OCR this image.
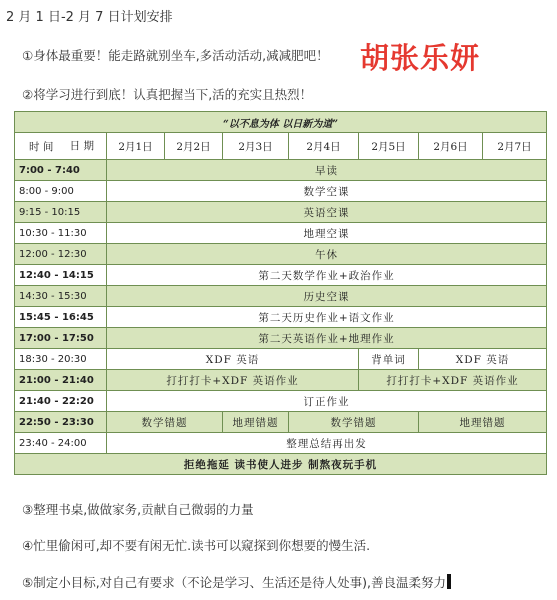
2 月 1 日-2 月 7 日计划安排
①身体最重要！能走路就别坐车,多活动活动,减减肥吧！ 胡张乐妍
②将学习进行到底！认真把握当下,活的充实且热烈！
“以不息为体 以日新为道”							

日 期
时 间	2月1日	2月2日	2月3日	2月4日	2月5日	2月6日	2月7日
7:00 - 7:40	早读						
8:00 - 9:00	数学空课						
9:15 - 10:15	英语空课						
10:30 - 11:30	地理空课						
12:00 - 12:30	午休						
12:40 - 14:15	第二天数学作业+政治作业						
14:30 - 15:30	历史空课						
15:45 - 16:45	第二天历史作业+语文作业						
17:00 - 17:50	第二天英语作业+地理作业						
18:30 - 20:30	XDF 英语				背单词	XDF 英语	
21:00 - 21:40	打打打卡+XDF 英语作业				打打打卡+XDF 英语作业		
21:40 - 22:20	订正作业						
22:50 - 23:30	数学错题		地理错题	数学错题		地理错题	
23:40 - 24:00	整理总结再出发						
拒绝拖延 读书使人进步 制熬夜玩手机							
③整理书桌,做做家务,贡献自己微弱的力量
④忙里偷闲可,却不要有闲无忙.读书可以窥探到你想要的慢生活.
⑤制定小目标,对自己有要求（不论是学习、生活还是待人处事),善良温柔努力
